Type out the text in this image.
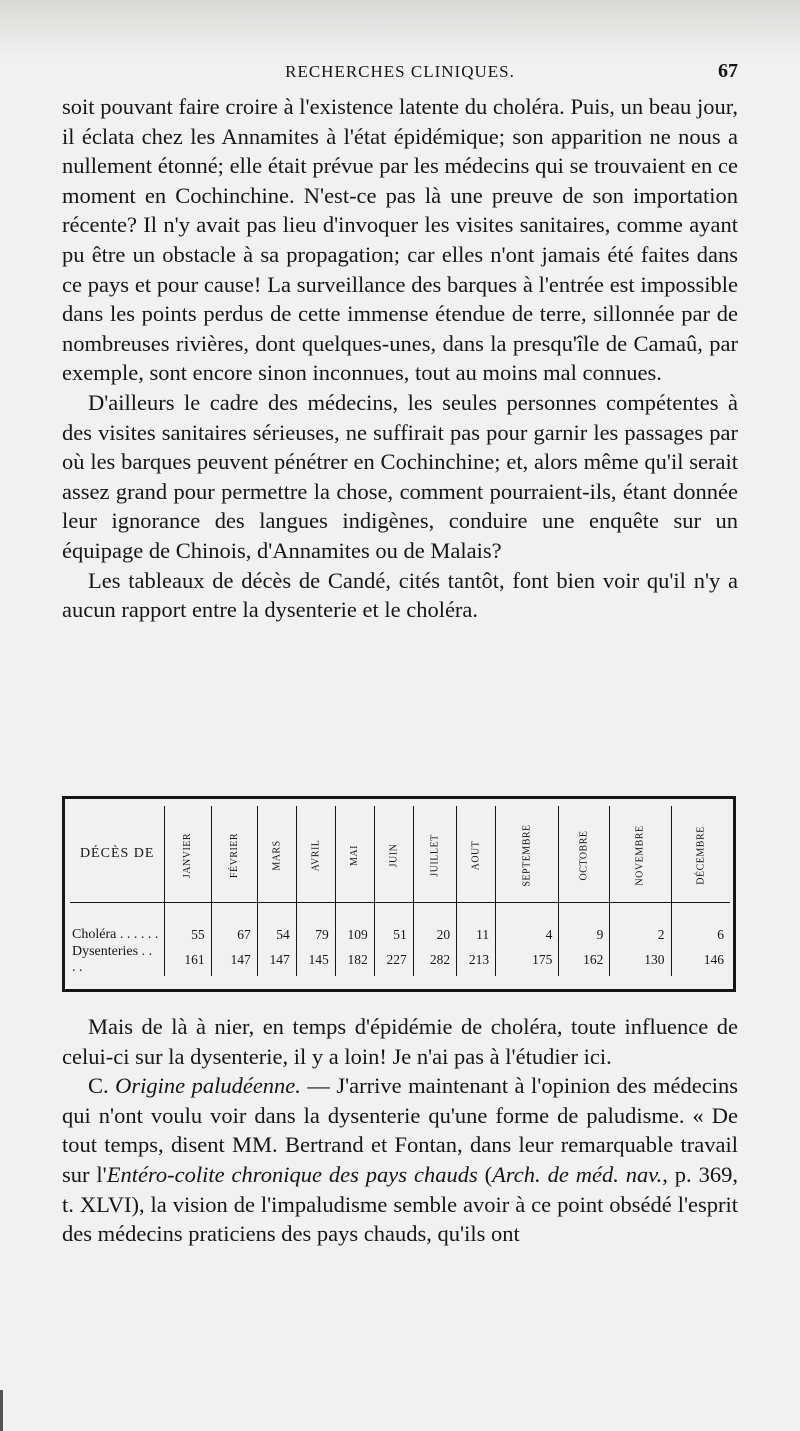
RECHERCHES CLINIQUES.	67

soit pouvant faire croire à l'existence latente du choléra. Puis, un beau jour, il éclata chez les Annamites à l'état épidémique; son apparition ne nous a nullement étonné; elle était prévue par les médecins qui se trouvaient en ce moment en Cochinchine. N'est-ce pas là une preuve de son importation récente? Il n'y avait pas lieu d'invoquer les visites sanitaires, comme ayant pu être un obstacle à sa propagation; car elles n'ont jamais été faites dans ce pays et pour cause! La surveillance des barques à l'entrée est impossible dans les points perdus de cette immense étendue de terre, sillonnée par de nombreuses rivières, dont quelques-unes, dans la presqu'île de Camaû, par exemple, sont encore sinon inconnues, tout au moins mal connues.

D'ailleurs le cadre des médecins, les seules personnes compétentes à des visites sanitaires sérieuses, ne suffirait pas pour garnir les passages par où les barques peuvent pénétrer en Cochinchine; et, alors même qu'il serait assez grand pour permettre la chose, comment pourraient-ils, étant donnée leur ignorance des langues indigènes, conduire une enquête sur un équipage de Chinois, d'Annamites ou de Malais?

Les tableaux de décès de Candé, cités tantôt, font bien voir qu'il n'y a aucun rapport entre la dysenterie et le choléra.

DÉCÈS DE	JANVIER	FÉVRIER	MARS	AVRIL	MAI	JUIN	JUILLET	AOUT	SEPTEMBRE	OCTOBRE	NOVEMBRE	DÉCEMBRE
Choléra . . . . . .	55	67	54	79	109	51	20	11	4	9	2	6
Dysenteries . . . .	161	147	147	145	182	227	282	213	175	162	130	146

Mais de là à nier, en temps d'épidémie de choléra, toute influence de celui-ci sur la dysenterie, il y a loin! Je n'ai pas à l'étudier ici.

C. Origine paludéenne. — J'arrive maintenant à l'opinion des médecins qui n'ont voulu voir dans la dysenterie qu'une forme de paludisme. « De tout temps, disent MM. Bertrand et Fontan, dans leur remarquable travail sur l'Entéro-colite chronique des pays chauds (Arch. de méd. nav., p. 369, t. XLVI), la vision de l'impaludisme semble avoir à ce point obsédé l'esprit des médecins praticiens des pays chauds, qu'ils ont
